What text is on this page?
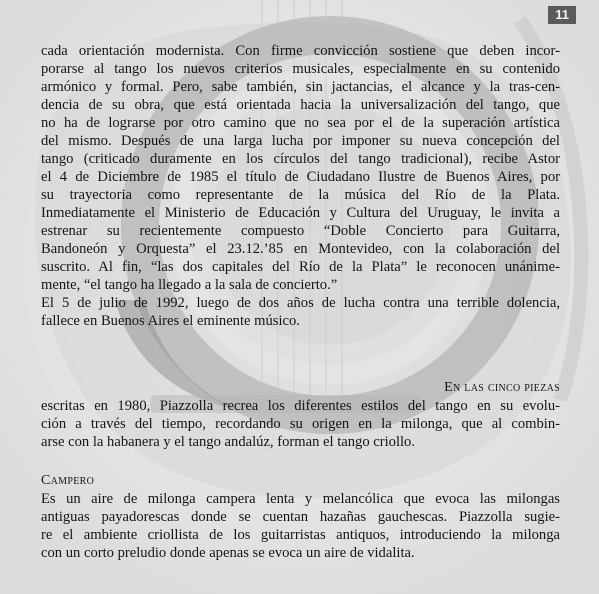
11
cada orientación modernista. Con firme convicción sostiene que deben incor-
porarse al tango los nuevos criterios musicales, especialmente en su contenido
armónico y formal. Pero, sabe también, sin jactancias, el alcance y la tras-cen-
dencia de su obra, que está orientada hacia la universalización del tango, que
no ha de lograrse por otro camino que no sea por el de la superación artística
del mismo. Después de una larga lucha por imponer su nueva concepción del
tango (criticado duramente en los círculos del tango tradicional), recibe Astor
el 4 de Diciembre de 1985 el título de Ciudadano Ilustre de Buenos Aires, por
su trayectoria como representante de la música del Río de la Plata.
Inmediatamente el Ministerio de Educación y Cultura del Uruguay, le invita a
estrenar su recientemente compuesto “Doble Concierto para Guitarra,
Bandoneón y Orquesta” el 23.12.’85 en Montevideo, con la colaboración del
suscrito. Al fin, “las dos capitales del Río de la Plata” le reconocen unánime-
mente, “el tango ha llegado a la sala de concierto.”
El 5 de julio de 1992, luego de dos años de lucha contra una terrible dolencia,
fallece en Buenos Aires el eminente músico.
En las cinco piezas
escritas en 1980, Piazzolla recrea los diferentes estilos del tango en su evolu-
ción a través del tiempo, recordando su origen en la milonga, que al combin-
arse con la habanera y el tango andalúz, forman el tango criollo.
Campero
Es un aire de milonga campera lenta y melancólica que evoca las milongas
antiguas payadorescas donde se cuentan hazañas gauchescas. Piazzolla sugie-
re el ambiente criollista de los guitarristas antiquos, introduciendo la milonga
con un corto preludio donde apenas se evoca un aire de vidalita.
